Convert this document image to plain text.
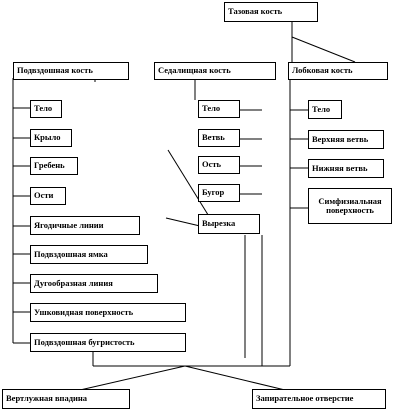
Тазовая кость
Подвздошная кость	Седалищная кость	Лобковая кость
Тело
Крыло
Гребень
Ости
Ягодичные линии
Подвздошная ямка
Дугообразная линия
Ушковидная поверхность
Подвздошная бугристость
Тело
Ветвь
Ость
Бугор
Вырезка
Тело
Верхняя ветвь
Нижняя ветвь
Симфизиальная поверхность
Вертлужная впадина	Запирательное отверстие
